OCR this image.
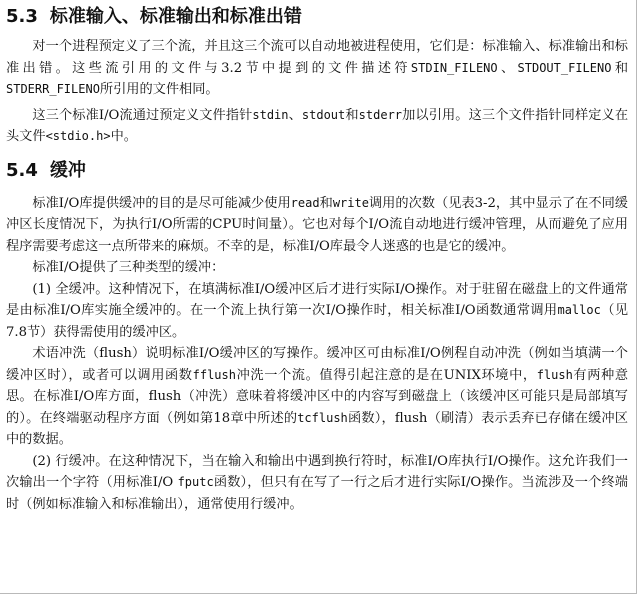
5.3 标准输入、标准输出和标准出错

对一个进程预定义了三个流，并且这三个流可以自动地被进程使用，它们是：标准输入、标准输出和标准出错。这些流引用的文件与3.2节中提到的文件描述符STDIN_FILENO、STDOUT_FILENO和STDERR_FILENO所引用的文件相同。

这三个标准I/O流通过预定义文件指针stdin、stdout和stderr加以引用。这三个文件指针同样定义在头文件<stdio.h>中。

5.4 缓冲

标准I/O库提供缓冲的目的是尽可能减少使用read和write调用的次数（见表3-2，其中显示了在不同缓冲区长度情况下，为执行I/O所需的CPU时间量）。它也对每个I/O流自动地进行缓冲管理，从而避免了应用程序需要考虑这一点所带来的麻烦。不幸的是，标准I/O库最令人迷惑的也是它的缓冲。

标准I/O提供了三种类型的缓冲：

(1) 全缓冲。这种情况下，在填满标准I/O缓冲区后才进行实际I/O操作。对于驻留在磁盘上的文件通常是由标准I/O库实施全缓冲的。在一个流上执行第一次I/O操作时，相关标准I/O函数通常调用malloc（见7.8节）获得需使用的缓冲区。

术语冲洗（flush）说明标准I/O缓冲区的写操作。缓冲区可由标准I/O例程自动冲洗（例如当填满一个缓冲区时），或者可以调用函数fflush冲洗一个流。值得引起注意的是在UNIX环境中，flush有两种意思。在标准I/O库方面，flush（冲洗）意味着将缓冲区中的内容写到磁盘上（该缓冲区可能只是局部填写的）。在终端驱动程序方面（例如第18章中所述的tcflush函数），flush（刷清）表示丢弃已存储在缓冲区中的数据。

(2) 行缓冲。在这种情况下，当在输入和输出中遇到换行符时，标准I/O库执行I/O操作。这允许我们一次输出一个字符（用标准I/O fputc函数），但只有在写了一行之后才进行实际I/O操作。当流涉及一个终端时（例如标准输入和标准输出），通常使用行缓冲。
